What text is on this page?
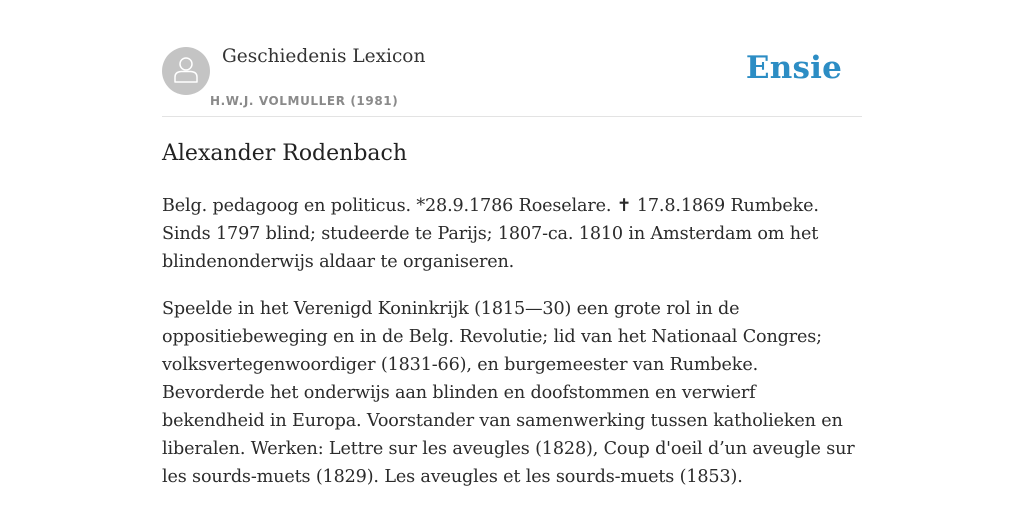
Geschiedenis Lexicon
H.W.J. VOLMULLER (1981)
Ensie
Alexander Rodenbach

Belg. pedagoog en politicus. *28.9.1786 Roeselare. ✝ 17.8.1869 Rumbeke. Sinds 1797 blind; studeerde te Parijs; 1807-ca. 1810 in Amsterdam om het blindenonderwijs aldaar te organiseren.

Speelde in het Verenigd Koninkrijk (1815—30) een grote rol in de oppositiebeweging en in de Belg. Revolutie; lid van het Nationaal Congres; volksvertegenwoordiger (1831-66), en burgemeester van Rumbeke. Bevorderde het onderwijs aan blinden en doofstommen en verwierf bekendheid in Europa. Voorstander van samenwerking tussen katholieken en liberalen. Werken: Lettre sur les aveugles (1828), Coup d'oeil d’un aveugle sur les sourds-muets (1829). Les aveugles et les sourds-muets (1853).
